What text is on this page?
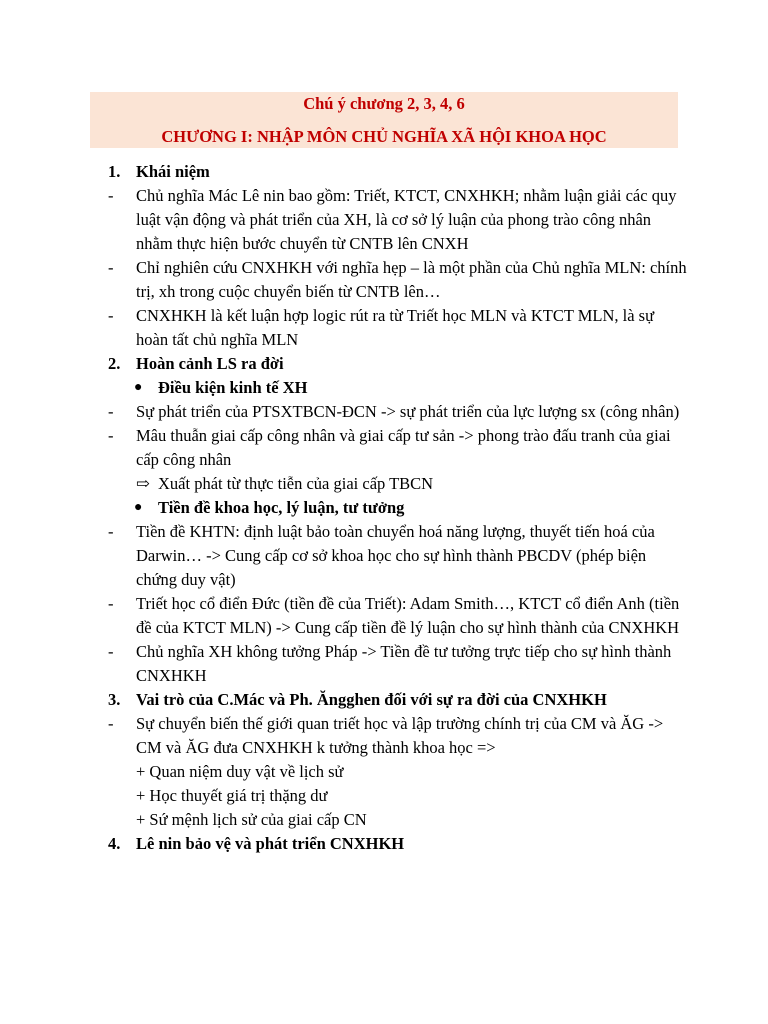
Chú ý chương 2, 3, 4, 6
CHƯƠNG I: NHẬP MÔN CHỦ NGHĨA XÃ HỘI KHOA HỌC
1. Khái niệm
-	Chủ nghĩa Mác Lê nin bao gồm: Triết, KTCT, CNXHKH; nhằm luận giải các quy luật vận động và phát triển của XH, là cơ sở lý luận của phong trào công nhân nhằm thực hiện bước chuyển từ CNTB lên CNXH
-	Chỉ nghiên cứu CNXHKH với nghĩa hẹp – là một phần của Chủ nghĩa MLN: chính trị, xh trong cuộc chuyển biến từ CNTB lên…
-	CNXHKH là kết luận hợp logic rút ra từ Triết học MLN và KTCT MLN, là sự hoàn tất chủ nghĩa MLN
2. Hoàn cảnh LS ra đời
● Điều kiện kinh tế XH
-	Sự phát triển của PTSXTBCN-ĐCN -> sự phát triển của lực lượng sx (công nhân)
-	Mâu thuẫn giai cấp công nhân và giai cấp tư sản -> phong trào đấu tranh của giai cấp công nhân
⇨ Xuất phát từ thực tiễn của giai cấp TBCN
● Tiền đề khoa học, lý luận, tư tưởng
-	Tiền đề KHTN: định luật bảo toàn chuyển hoá năng lượng, thuyết tiến hoá của Darwin… -> Cung cấp cơ sở khoa học cho sự hình thành PBCDV (phép biện chứng duy vật)
-	Triết học cổ điển Đức (tiền đề của Triết): Adam Smith…, KTCT cổ điển Anh (tiền đề của KTCT MLN) -> Cung cấp tiền đề lý luận cho sự hình thành của CNXHKH
-	Chủ nghĩa XH không tưởng Pháp -> Tiền đề tư tưởng trực tiếp cho sự hình thành CNXHKH
3. Vai trò của C.Mác và Ph. Ăngghen đối với sự ra đời của CNXHKH
-	Sự chuyển biến thế giới quan triết học và lập trường chính trị của CM và ĂG -> CM và ĂG đưa CNXHKH k tưởng thành khoa học =>
+ Quan niệm duy vật về lịch sử
+ Học thuyết giá trị thặng dư
+ Sứ mệnh lịch sử của giai cấp CN
4. Lê nin bảo vệ và phát triển CNXHKH
